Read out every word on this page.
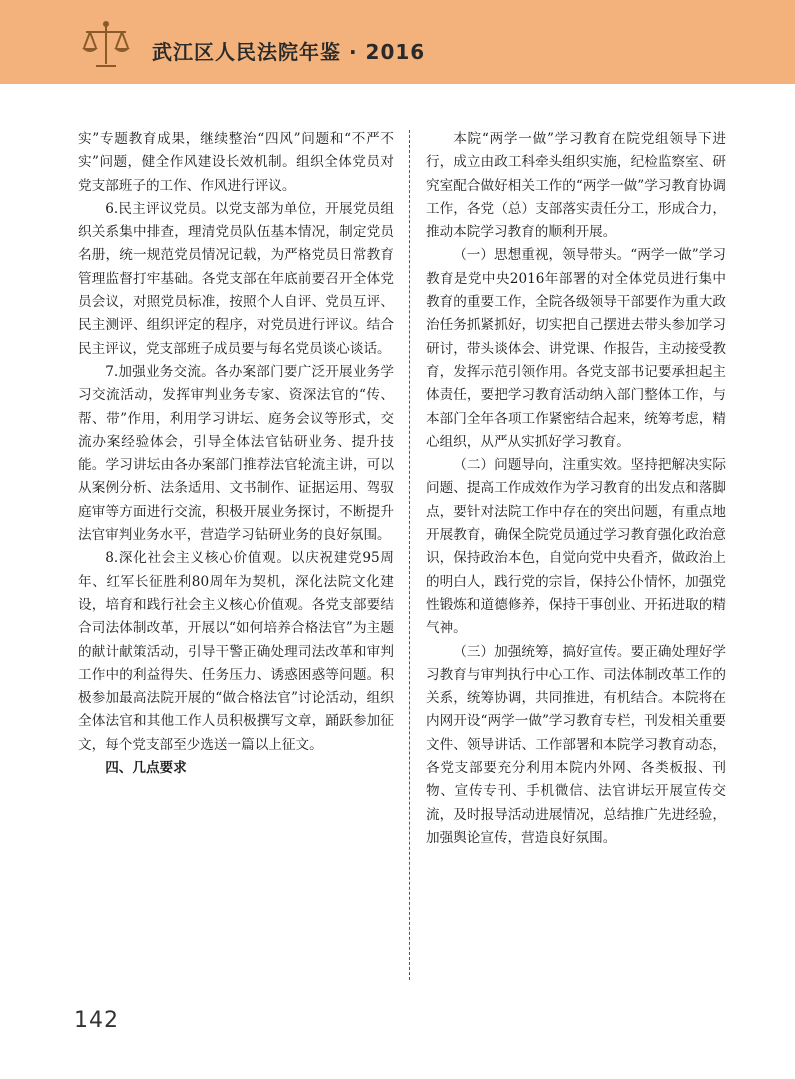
武江区人民法院年鉴 · 2016

实”专题教育成果，继续整治“四风”问题和“不严不实”问题，健全作风建设长效机制。组织全体党员对党支部班子的工作、作风进行评议。

6.民主评议党员。以党支部为单位，开展党员组织关系集中排查，理清党员队伍基本情况，制定党员名册，统一规范党员情况记载，为严格党员日常教育管理监督打牢基础。各党支部在年底前要召开全体党员会议，对照党员标准，按照个人自评、党员互评、民主测评、组织评定的程序，对党员进行评议。结合民主评议，党支部班子成员要与每名党员谈心谈话。

7.加强业务交流。各办案部门要广泛开展业务学习交流活动，发挥审判业务专家、资深法官的“传、帮、带”作用，利用学习讲坛、庭务会议等形式，交流办案经验体会，引导全体法官钻研业务、提升技能。学习讲坛由各办案部门推荐法官轮流主讲，可以从案例分析、法条适用、文书制作、证据运用、驾驭庭审等方面进行交流，积极开展业务探讨，不断提升法官审判业务水平，营造学习钻研业务的良好氛围。

8.深化社会主义核心价值观。以庆祝建党95周年、红军长征胜利80周年为契机，深化法院文化建设，培育和践行社会主义核心价值观。各党支部要结合司法体制改革，开展以“如何培养合格法官”为主题的献计献策活动，引导干警正确处理司法改革和审判工作中的利益得失、任务压力、诱惑困惑等问题。积极参加最高法院开展的“做合格法官”讨论活动，组织全体法官和其他工作人员积极撰写文章，踊跃参加征文，每个党支部至少选送一篇以上征文。

四、几点要求

本院“两学一做”学习教育在院党组领导下进行，成立由政工科牵头组织实施，纪检监察室、研究室配合做好相关工作的“两学一做”学习教育协调工作，各党（总）支部落实责任分工，形成合力，推动本院学习教育的顺利开展。

（一）思想重视，领导带头。“两学一做”学习教育是党中央2016年部署的对全体党员进行集中教育的重要工作，全院各级领导干部要作为重大政治任务抓紧抓好，切实把自己摆进去带头参加学习研讨，带头谈体会、讲党课、作报告，主动接受教育，发挥示范引领作用。各党支部书记要承担起主体责任，要把学习教育活动纳入部门整体工作，与本部门全年各项工作紧密结合起来，统筹考虑，精心组织，从严从实抓好学习教育。

（二）问题导向，注重实效。坚持把解决实际问题、提高工作成效作为学习教育的出发点和落脚点，要针对法院工作中存在的突出问题，有重点地开展教育，确保全院党员通过学习教育强化政治意识，保持政治本色，自觉向党中央看齐，做政治上的明白人，践行党的宗旨，保持公仆情怀，加强党性锻炼和道德修养，保持干事创业、开拓进取的精气神。

（三）加强统筹，搞好宣传。要正确处理好学习教育与审判执行中心工作、司法体制改革工作的关系，统筹协调，共同推进，有机结合。本院将在内网开设“两学一做”学习教育专栏，刊发相关重要文件、领导讲话、工作部署和本院学习教育动态，各党支部要充分利用本院内外网、各类板报、刊物、宣传专刊、手机微信、法官讲坛开展宣传交流，及时报导活动进展情况，总结推广先进经验，加强舆论宣传，营造良好氛围。

142
